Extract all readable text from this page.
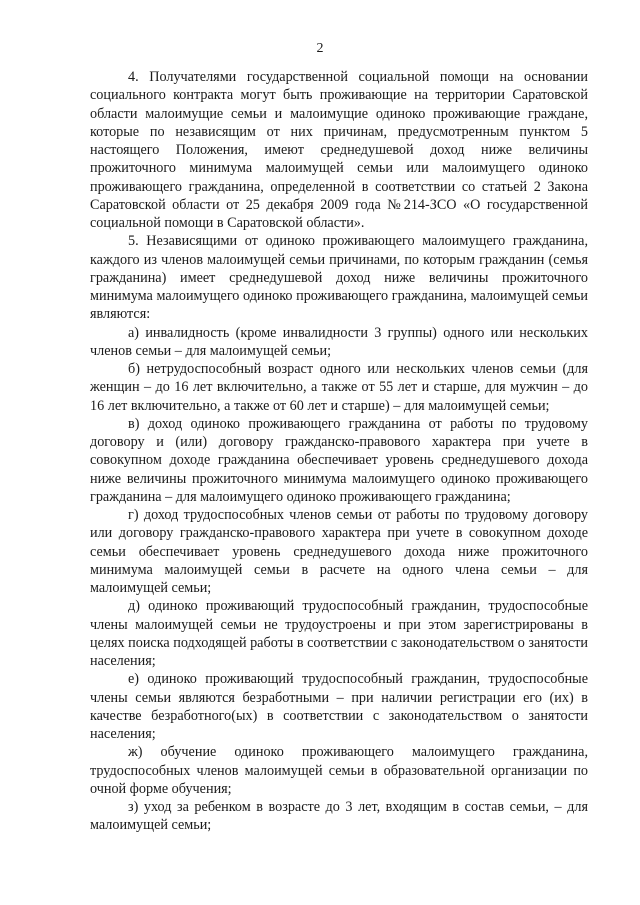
2

4. Получателями государственной социальной помощи на основании социального контракта могут быть проживающие на территории Саратовской области малоимущие семьи и малоимущие одиноко проживающие граждане, которые по независящим от них причинам, предусмотренным пунктом 5 настоящего Положения, имеют среднедушевой доход ниже величины прожиточного минимума малоимущей семьи или малоимущего одиноко проживающего гражданина, определенной в соответствии со статьей 2 Закона Саратовской области от 25 декабря 2009 года №214-ЗСО «О государственной социальной помощи в Саратовской области».

5. Независящими от одиноко проживающего малоимущего гражданина, каждого из членов малоимущей семьи причинами, по которым гражданин (семья гражданина) имеет среднедушевой доход ниже величины прожиточного минимума малоимущего одиноко проживающего гражданина, малоимущей семьи являются:

а) инвалидность (кроме инвалидности 3 группы) одного или нескольких членов семьи – для малоимущей семьи;

б) нетрудоспособный возраст одного или нескольких членов семьи (для женщин – до 16 лет включительно, а также от 55 лет и старше, для мужчин – до 16 лет включительно, а также от 60 лет и старше) – для малоимущей семьи;

в) доход одиноко проживающего гражданина от работы по трудовому договору и (или) договору гражданско-правового характера при учете в совокупном доходе гражданина обеспечивает уровень среднедушевого дохода ниже величины прожиточного минимума малоимущего одиноко проживающего гражданина – для малоимущего одиноко проживающего гражданина;

г) доход трудоспособных членов семьи от работы по трудовому договору или договору гражданско-правового характера при учете в совокупном доходе семьи обеспечивает уровень среднедушевого дохода ниже прожиточного минимума малоимущей семьи в расчете на одного члена семьи – для малоимущей семьи;

д) одиноко проживающий трудоспособный гражданин, трудоспособные члены малоимущей семьи не трудоустроены и при этом зарегистрированы в целях поиска подходящей работы в соответствии с законодательством о занятости населения;

е) одиноко проживающий трудоспособный гражданин, трудоспособные члены семьи являются безработными – при наличии регистрации его (их) в качестве безработного(ых) в соответствии с законодательством о занятости населения;

ж) обучение одиноко проживающего малоимущего гражданина, трудоспособных членов малоимущей семьи в образовательной организации по очной форме обучения;

з) уход за ребенком в возрасте до 3 лет, входящим в состав семьи, – для малоимущей семьи;
